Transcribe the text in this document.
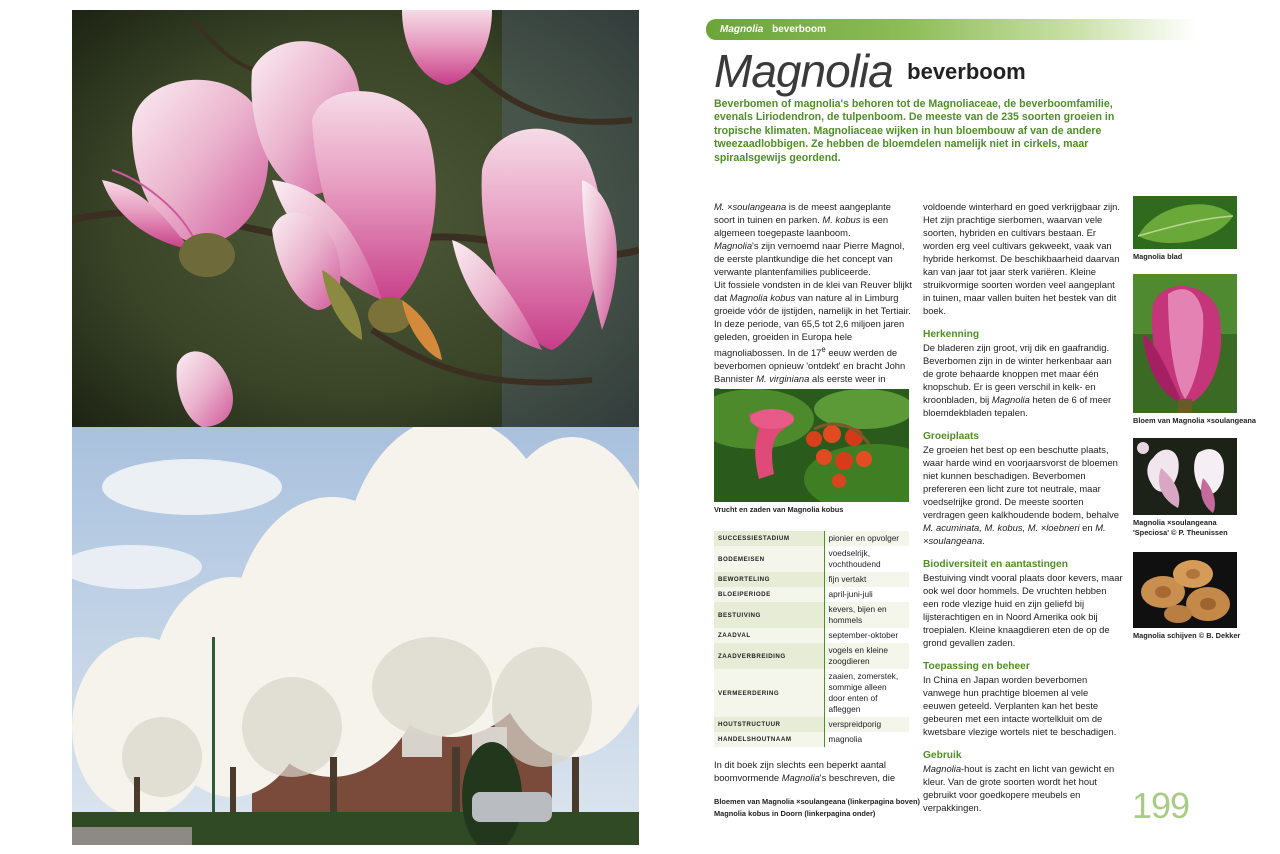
Magnolia beverboom
Magnolia beverboom

Beverbomen of magnolia's behoren tot de Magnoliaceae, de beverboomfamilie, evenals Liriodendron, de tulpenboom. De meeste van de 235 soorten groeien in tropische klimaten. Magnoliaceae wijken in hun bloembouw af van de andere tweezaadlobbigen. Ze hebben de bloemdelen namelijk niet in cirkels, maar spiraalsgewijs geordend.

M. ×soulangeana is de meest aangeplante soort in tuinen en parken. M. kobus is een algemeen toegepaste laanboom.

Magnolia's zijn vernoemd naar Pierre Magnol, de eerste plantkundige die het concept van verwante plantenfamilies publiceerde.

Uit fossiele vondsten in de klei van Reuver blijkt dat Magnolia kobus van nature al in Limburg groeide vóór de ijstijden, namelijk in het Tertiair. In deze periode, van 65,5 tot 2,6 miljoen jaren geleden, groeiden in Europa hele magnoliabossen. In de 17e eeuw werden de beverbomen opnieuw 'ontdekt' en bracht John Bannister M. virginiana als eerste weer in

Vrucht en zaden van Magnolia kobus
SUCCESSIESTADIUM	pionier en opvolger
BODEMEISEN	voedselrijk, vochthoudend
BEWORTELING	fijn vertakt
BLOEIPERIODE	april-juni-juli
BESTUIVING	kevers, bijen en hommels
ZAADVAL	september-oktober
ZAADVERBREIDING	vogels en kleine zoogdieren
VERMEERDERING	zaaien, zomerstek, sommige alleen door enten of afleggen
HOUTSTRUCTUUR	verspreidporig
HANDELSHOUTNAAM	magnolia

In dit boek zijn slechts een beperkt aantal boomvormende Magnolia's beschreven, die

Bloemen van Magnolia ×soulangeana (linkerpagina boven)
Magnolia kobus in Doorn (linkerpagina onder)

voldoende winterhard en goed verkrijgbaar zijn. Het zijn prachtige sierbomen, waarvan vele soorten, hybriden en cultivars bestaan. Er worden erg veel cultivars gekweekt, vaak van hybride herkomst. De beschikbaarheid daarvan kan van jaar tot jaar sterk variëren. Kleine struikvormige soorten worden veel aangeplant in tuinen, maar vallen buiten het bestek van dit boek.

Herkenning

De bladeren zijn groot, vrij dik en gaafrandig. Beverbomen zijn in de winter herkenbaar aan de grote behaarde knoppen met maar één knopschub. Er is geen verschil in kelk- en kroonbladen, bij Magnolia heten de 6 of meer bloemdekbladen tepalen.

Groeiplaats

Ze groeien het best op een beschutte plaats, waar harde wind en voorjaarsvorst de bloemen niet kunnen beschadigen. Beverbomen prefereren een licht zure tot neutrale, maar voedselrijke grond. De meeste soorten verdragen geen kalkhoudende bodem, behalve M. acuminata, M. kobus, M. ×loebneri en M. ×soulangeana.

Biodiversiteit en aantastingen

Bestuiving vindt vooral plaats door kevers, maar ook wel door hommels. De vruchten hebben een rode vlezige huid en zijn geliefd bij lijsterachtigen en in Noord Amerika ook bij troepialen. Kleine knaagdieren eten de op de grond gevallen zaden.

Toepassing en beheer

In China en Japan worden beverbomen vanwege hun prachtige bloemen al vele eeuwen geteeld. Verplanten kan het beste gebeuren met een intacte wortelkluit om de kwetsbare vlezige wortels niet te beschadigen.

Gebruik

Magnolia-hout is zacht en licht van gewicht en kleur. Van de grote soorten wordt het hout gebruikt voor goedkopere meubels en verpakkingen.

Magnolia blad
Bloem van Magnolia ×soulangeana
Magnolia ×soulangeana
'Speciosa' © P. Theunissen
Magnolia schijven © B. Dekker
199
